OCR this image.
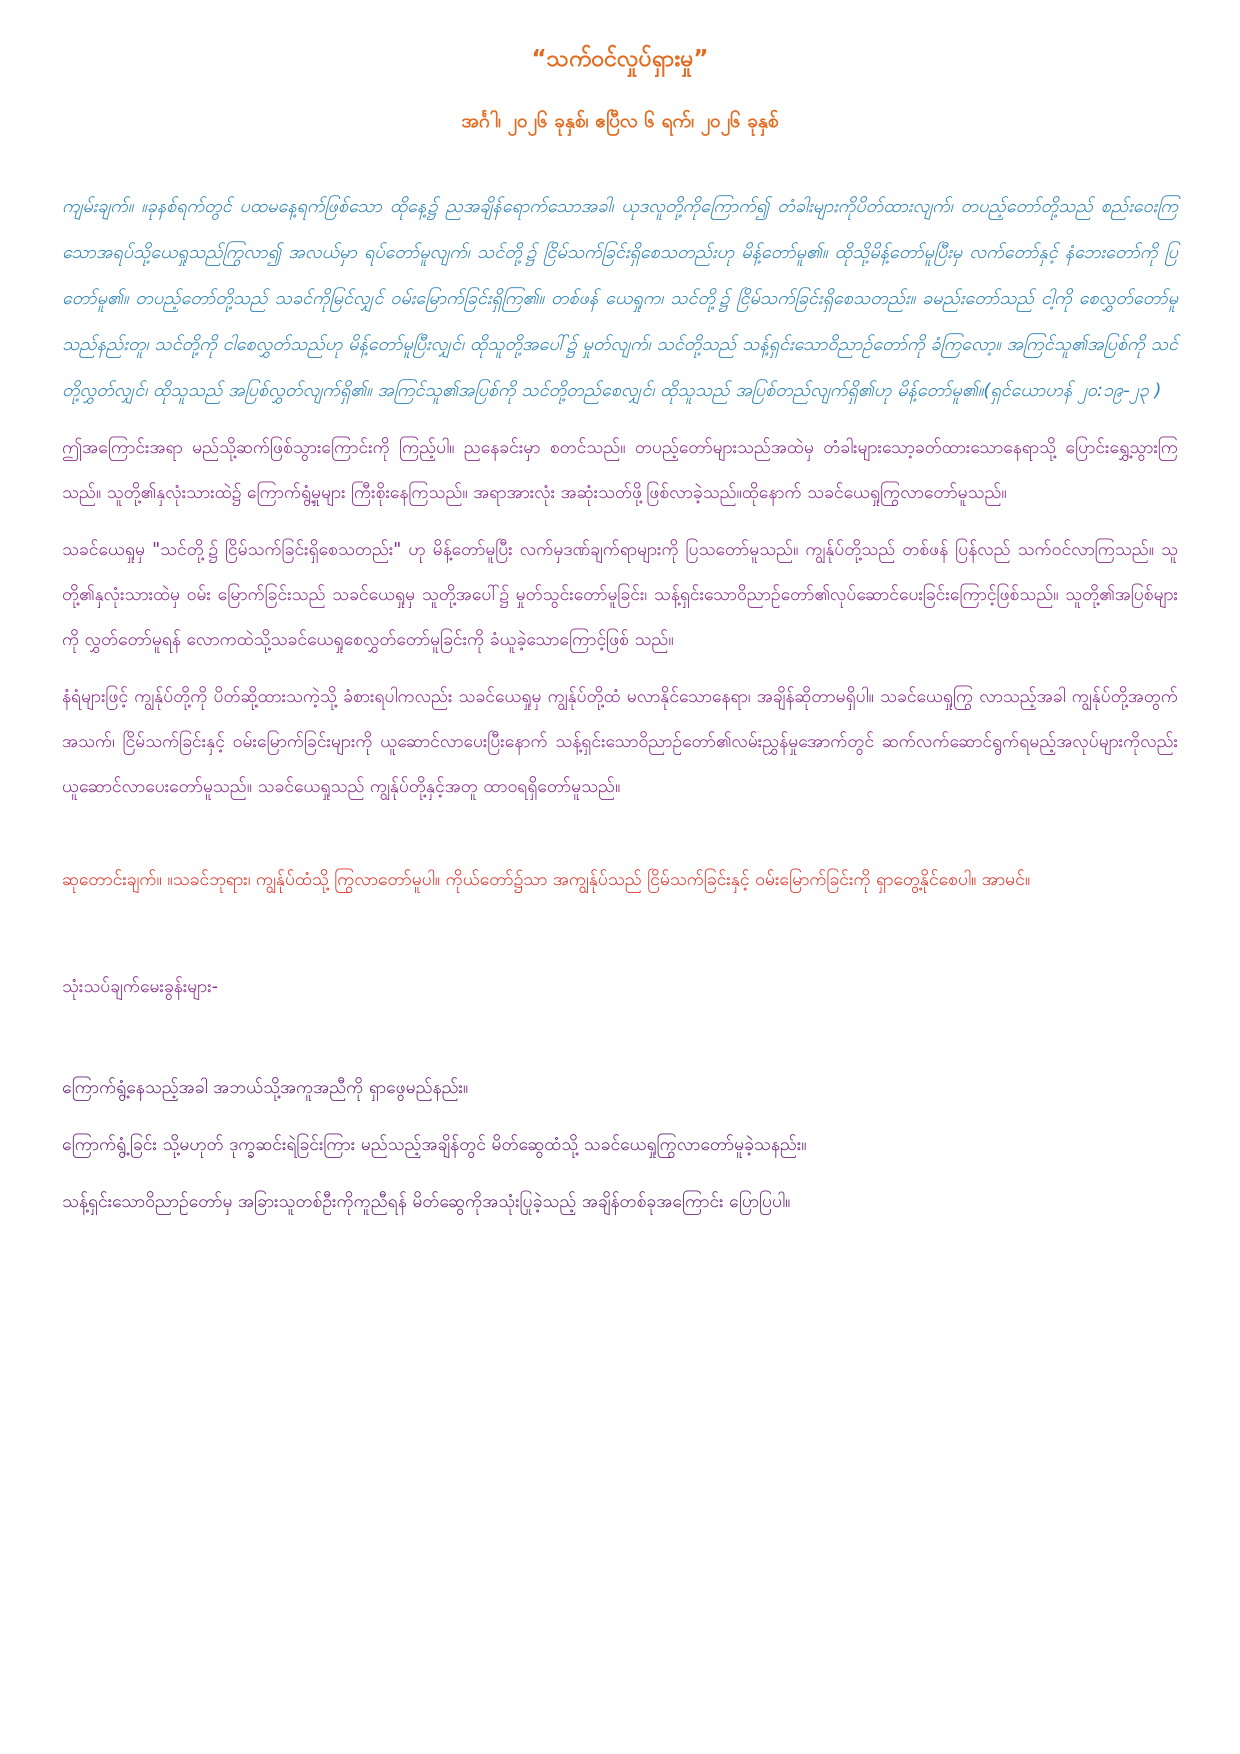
“သက်ဝင်လှုပ်ရှားမှု”
အင်္ဂါ၊ ၂၀၂၆ ခုနှစ်၊ ဧပြီလ ၆ ရက်၊ ၂၀၂၆ ခုနှစ်

ကျမ်းချက်။ ။ခုနစ်ရက်တွင် ပထမနေ့ရက်ဖြစ်သော ထိုနေ့၌ ညအချိန်ရောက်သောအခါ၊ ယုဒလူတို့ကိုကြောက်၍ တံခါးများကိုပိတ်ထားလျက်၊ တပည့်တော်တို့သည် စည်းဝေးကြသောအရပ်သို့ယေရှုသည်ကြွလာ၍ အလယ်မှာ ရပ်တော်မူလျက်၊ သင်တို့၌ ငြိမ်သက်ခြင်းရှိစေသတည်းဟု မိန့်တော်မူ၏။ ထိုသို့မိန့်တော်မူပြီးမှ လက်တော်နှင့် နံဘေးတော်ကို ပြတော်မူ၏။ တပည့်တော်တို့သည် သခင်ကိုမြင်လျှင် ဝမ်းမြောက်ခြင်းရှိကြ၏။ တစ်ဖန် ယေရှုက၊ သင်တို့၌ ငြိမ်သက်ခြင်းရှိစေသတည်း။ ခမည်းတော်သည် ငါ့ကို စေလွှတ်တော်မူသည်နည်းတူ၊ သင်တို့ကို ငါစေလွှတ်သည်ဟု မိန့်တော်မူပြီးလျှင်၊ ထိုသူတို့အပေါ်၌ မှုတ်လျက်၊ သင်တို့သည် သန့်ရှင်းသောဝိညာဉ်တော်ကို ခံကြလော့။ အကြင်သူ၏အပြစ်ကို သင်တို့လွှတ်လျှင်၊ ထိုသူသည် အပြစ်လွှတ်လျက်ရှိ၏။ အကြင်သူ၏အပြစ်ကို သင်တို့တည်စေလျှင်၊ ထိုသူသည် အပြစ်တည်လျက်ရှိ၏ဟု မိန့်တော်မူ၏။(ရှင်ယောဟန် ၂၀:၁၉-၂၃ )

ဤအကြောင်းအရာ မည်သို့ဆက်ဖြစ်သွားကြောင်းကို ကြည့်ပါ။ ညနေခင်းမှာ စတင်သည်။ တပည့်တော်များသည်အထဲမှ တံခါးများသော့ခတ်ထားသောနေရာသို့ ပြောင်းရွှေ့သွားကြသည်။ သူတို့၏နှလုံးသားထဲ၌ ကြောက်ရွံ့မှုများ ကြီးစိုးနေကြသည်။ အရာအားလုံး အဆုံးသတ်ဖို့ဖြစ်လာခဲ့သည်။ထိုနောက် သခင်ယေရှုကြွလာတော်မူသည်။

သခင်ယေရှုမှ "သင်တို့၌ ငြိမ်သက်ခြင်းရှိစေသတည်း" ဟု မိန့်တော်မူပြီး လက်မှဒဏ်ချက်ရာများကို ပြသတော်မူသည်။ ကျွန်ုပ်တို့သည် တစ်ဖန် ပြန်လည် သက်ဝင်လာကြသည်။ သူတို့၏နှလုံးသားထဲမှ ဝမ်း မြောက်ခြင်းသည် သခင်ယေရှုမှ သူတို့အပေါ်၌ မှုတ်သွင်းတော်မူခြင်း၊ သန့်ရှင်းသောဝိညာဉ်တော်၏လုပ်ဆောင်ပေးခြင်းကြောင့်ဖြစ်သည်။ သူတို့၏အပြစ်များကို လွှတ်တော်မူရန် လောကထဲသို့သခင်ယေရှုစေလွှတ်တော်မူခြင်းကို ခံယူခဲ့သောကြောင့်ဖြစ် သည်။

နံရံများဖြင့် ကျွန်ုပ်တို့ကို ပိတ်ဆို့ထားသကဲ့သို့ ခံစားရပါကလည်း သခင်ယေရှုမှ ကျွန်ုပ်တို့ထံ မလာနိုင်သောနေရာ၊ အချိန်ဆိုတာမရှိပါ။ သခင်ယေရှုကြွ လာသည့်အခါ ကျွန်ုပ်တို့အတွက် အသက်၊ ငြိမ်သက်ခြင်းနှင့် ဝမ်းမြောက်ခြင်းများကို ယူဆောင်လာပေးပြီးနောက် သန့်ရှင်းသောဝိညာဉ်တော်၏လမ်းညွှန်မှုအောက်တွင် ဆက်လက်ဆောင်ရွက်ရမည့်အလုပ်များကိုလည်း ယူဆောင်လာပေးတော်မူသည်။ သခင်ယေရှုသည် ကျွန်ုပ်တို့နှင့်အတူ ထာဝရရှိတော်မူသည်။

ဆုတောင်းချက်။ ။သခင်ဘုရား၊ ကျွန်ုပ်ထံသို့ ကြွလာတော်မူပါ။ ကိုယ်တော်၌သာ အကျွန်ုပ်သည် ငြိမ်သက်ခြင်းနှင့် ဝမ်းမြောက်ခြင်းကို ရှာတွေ့နိုင်စေပါ။ အာမင်။

သုံးသပ်ချက်မေးခွန်းများ-

ကြောက်ရွံ့နေသည့်အခါ အဘယ်သို့အကူအညီကို ရှာဖွေမည်နည်း။
ကြောက်ရွံ့ခြင်း သို့မဟုတ် ဒုက္ခဆင်းရဲခြင်းကြား မည်သည့်အချိန်တွင် မိတ်ဆွေထံသို့ သခင်ယေရှုကြွလာတော်မူခဲ့သနည်း။
သန့်ရှင်းသောဝိညာဉ်တော်မှ အခြားသူတစ်ဦးကိုကူညီရန် မိတ်ဆွေကိုအသုံးပြုခဲ့သည့် အချိန်တစ်ခုအကြောင်း ပြောပြပါ။
